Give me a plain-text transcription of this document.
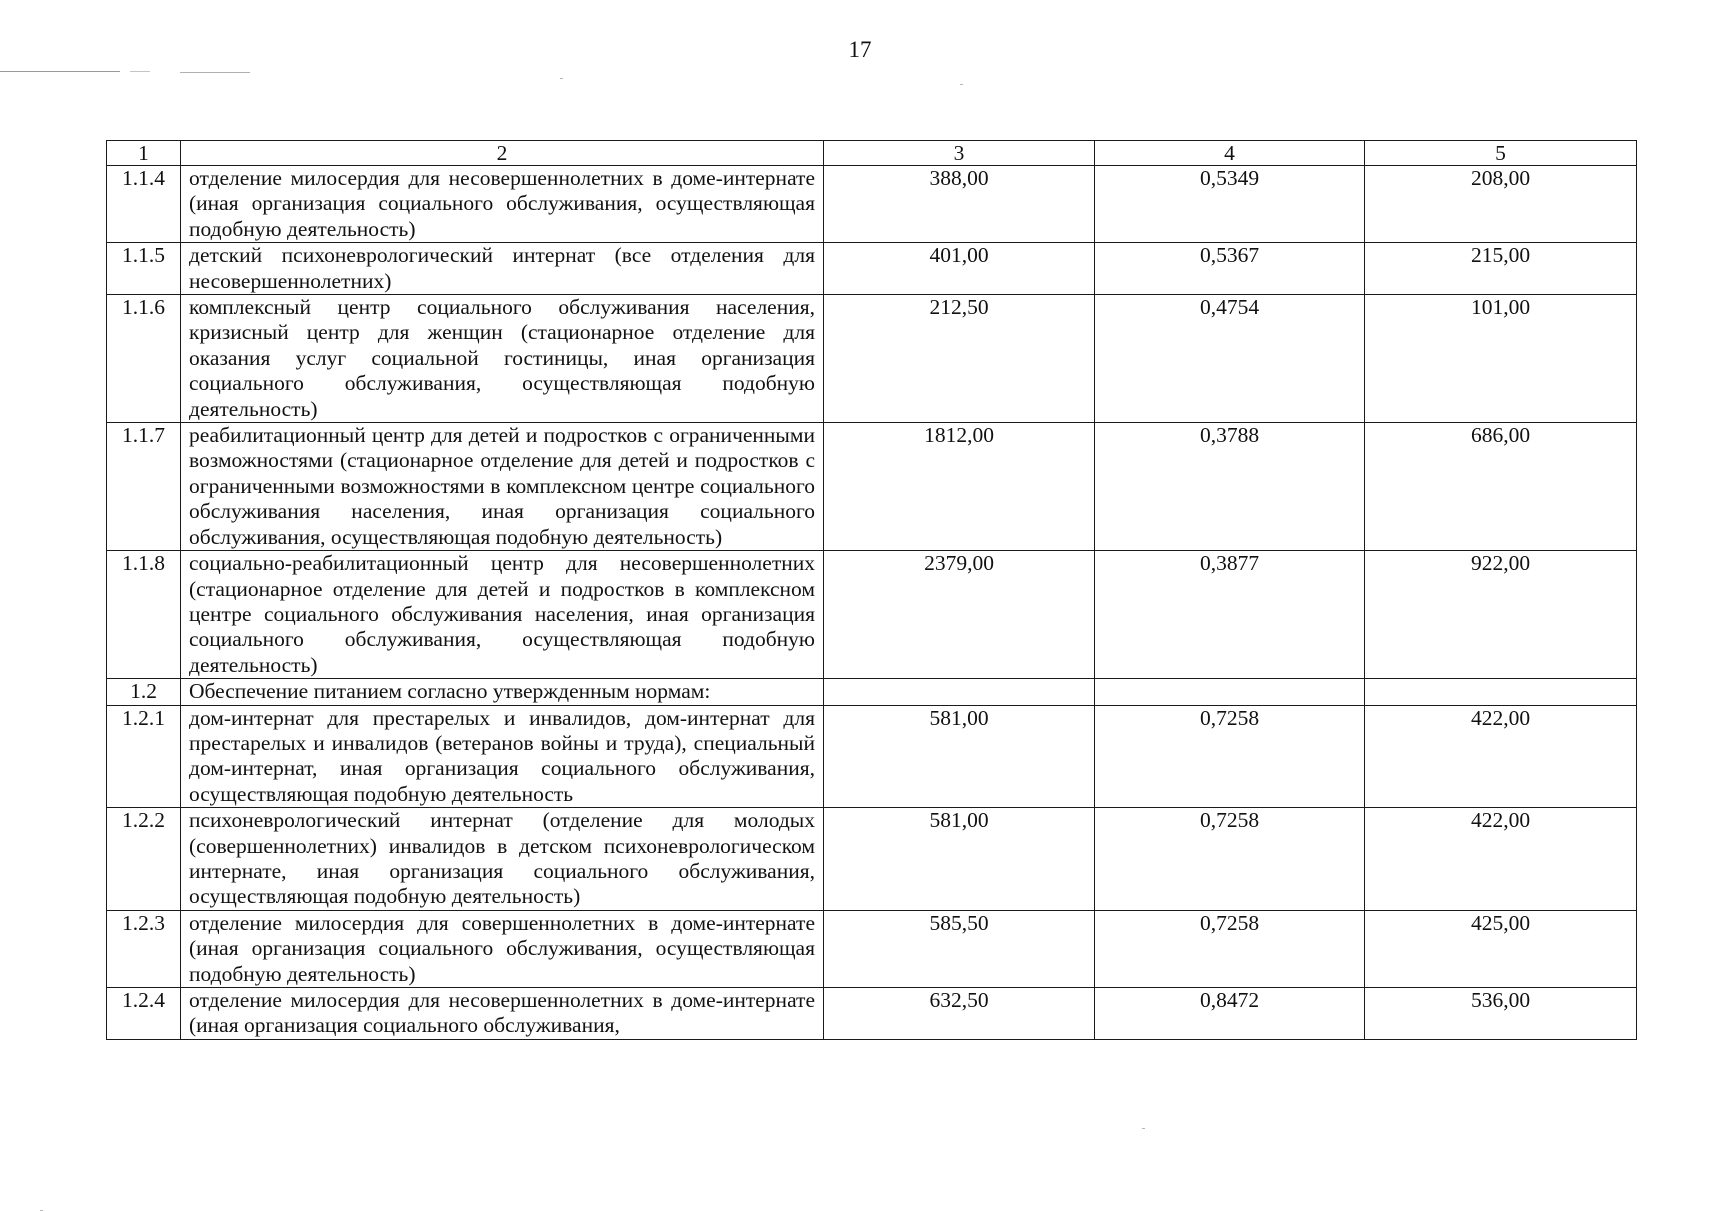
17
1	2	3	4	5
1.1.4	отделение милосердия для несовершеннолетних в доме-интернате (иная организация социального обслуживания, осуществляющая подобную деятельность)	388,00	0,5349	208,00
1.1.5	детский психоневрологический интернат (все отделения для несовершеннолетних)	401,00	0,5367	215,00
1.1.6	комплексный центр социального обслуживания населения, кризисный центр для женщин (стационарное отделение для оказания услуг социальной гостиницы, иная организация социального обслуживания, осуществляющая подобную деятельность)	212,50	0,4754	101,00
1.1.7	реабилитационный центр для детей и подростков с ограниченными возможностями (стационарное отделение для детей и подростков с ограниченными возможностями в комплексном центре социального обслуживания населения, иная организация социального обслуживания, осуществляющая подобную деятельность)	1812,00	0,3788	686,00
1.1.8	социально-реабилитационный центр для несовершеннолетних (стационарное отделение для детей и подростков в комплексном центре социального обслуживания населения, иная организация социального обслуживания, осуществляющая подобную деятельность)	2379,00	0,3877	922,00
1.2	Обеспечение питанием согласно утвержденным нормам:			
1.2.1	дом-интернат для престарелых и инвалидов, дом-интернат для престарелых и инвалидов (ветеранов войны и труда), специальный дом-интернат, иная организация социального обслуживания, осуществляющая подобную деятельность	581,00	0,7258	422,00
1.2.2	психоневрологический интернат (отделение для молодых (совершеннолетних) инвалидов в детском психоневрологическом интернате, иная организация социального обслуживания, осуществляющая подобную деятельность)	581,00	0,7258	422,00
1.2.3	отделение милосердия для совершеннолетних в доме-интернате (иная организация социального обслуживания, осуществляющая подобную деятельность)	585,50	0,7258	425,00
1.2.4	отделение милосердия для несовершеннолетних в доме-интернате (иная организация социального обслуживания,	632,50	0,8472	536,00
